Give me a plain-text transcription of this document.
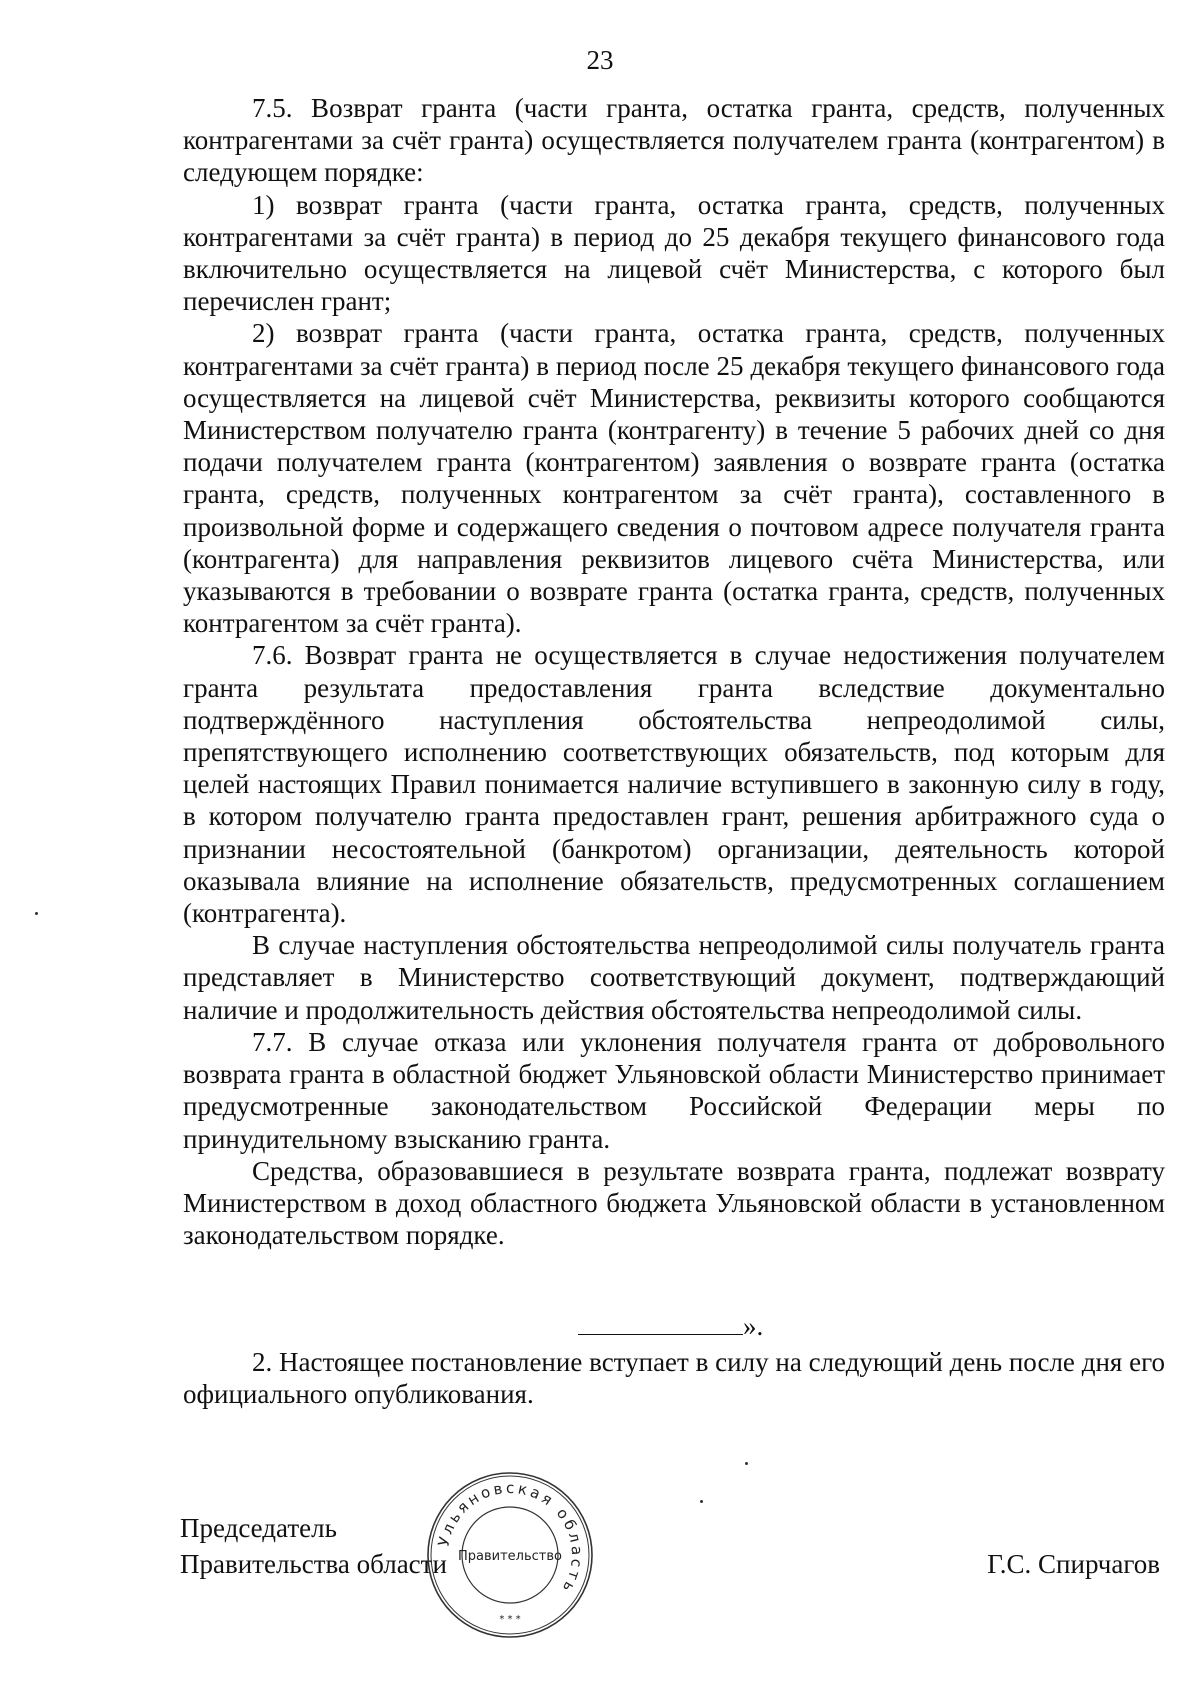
23

7.5. Возврат гранта (части гранта, остатка гранта, средств, полученных контрагентами за счёт гранта) осуществляется получателем гранта (контрагентом) в следующем порядке:

1) возврат гранта (части гранта, остатка гранта, средств, полученных контрагентами за счёт гранта) в период до 25 декабря текущего финансового года включительно осуществляется на лицевой счёт Министерства, с которого был перечислен грант;

2) возврат гранта (части гранта, остатка гранта, средств, полученных контрагентами за счёт гранта) в период после 25 декабря текущего финансового года осуществляется на лицевой счёт Министерства, реквизиты которого сообщаются Министерством получателю гранта (контрагенту) в течение 5 рабочих дней со дня подачи получателем гранта (контрагентом) заявления о возврате гранта (остатка гранта, средств, полученных контрагентом за счёт гранта), составленного в произвольной форме и содержащего сведения о почтовом адресе получателя гранта (контрагента) для направления реквизитов лицевого счёта Министерства, или указываются в требовании о возврате гранта (остатка гранта, средств, полученных контрагентом за счёт гранта).

7.6. Возврат гранта не осуществляется в случае недостижения получателем гранта результата предоставления гранта вследствие документально подтверждённого наступления обстоятельства непреодолимой силы, препятствующего исполнению соответствующих обязательств, под которым для целей настоящих Правил понимается наличие вступившего в законную силу в году, в котором получателю гранта предоставлен грант, решения арбитражного суда о признании несостоятельной (банкротом) организации, деятельность которой оказывала влияние на исполнение обязательств, предусмотренных соглашением (контрагента).

В случае наступления обстоятельства непреодолимой силы получатель гранта представляет в Министерство соответствующий документ, подтверждающий наличие и продолжительность действия обстоятельства непреодолимой силы.

7.7. В случае отказа или уклонения получателя гранта от добровольного возврата гранта в областной бюджет Ульяновской области Министерство принимает предусмотренные законодательством Российской Федерации меры по принудительному взысканию гранта.

Средства, образовавшиеся в результате возврата гранта, подлежат возврату Министерством в доход областного бюджета Ульяновской области в установленном законодательством порядке.

».

2. Настоящее постановление вступает в силу на следующий день после дня его официального опубликования.

Председатель
Правительства области	Г.С. Спирчагов
Ульяновская область
Правительство
* * *
